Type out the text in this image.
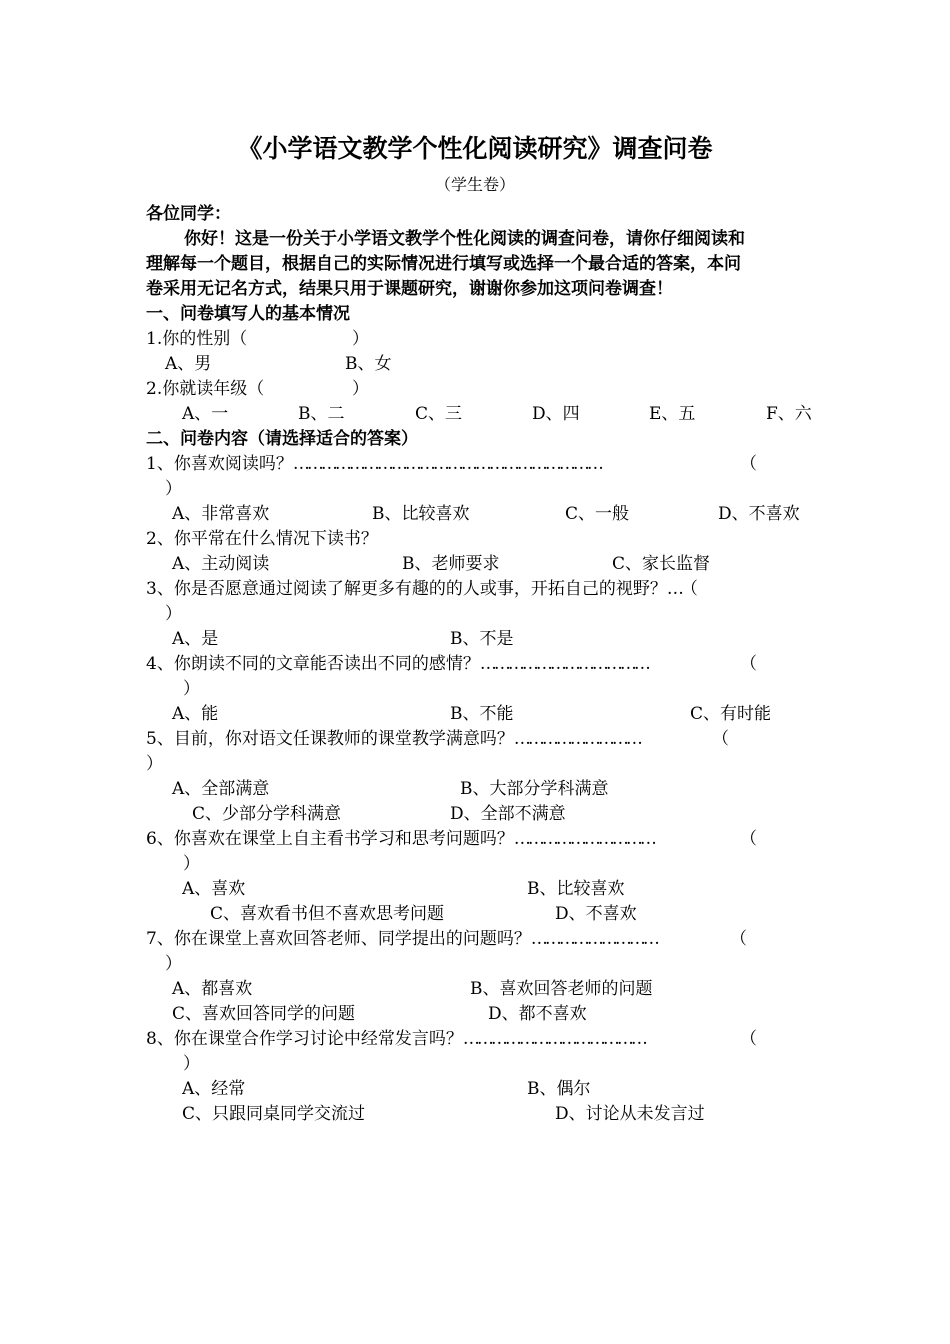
《小学语文教学个性化阅读研究》调查问卷
（学生卷）
各位同学：
你好！这是一份关于小学语文教学个性化阅读的调查问卷，请你仔细阅读和
理解每一个题目，根据自己的实际情况进行填写或选择一个最合适的答案，本问
卷采用无记名方式，结果只用于课题研究，谢谢你参加这项问卷调查！
一、问卷填写人的基本情况
1.你的性别（	）
A、男	B、女
2.你就读年级（	）
A、一	B、二	C、三	D、四	E、五	F、六
二、问卷内容（请选择适合的答案）
1、你喜欢阅读吗？…………………………………………………………	（
）
A、非常喜欢	B、比较喜欢	C、一般	D、不喜欢
2、你平常在什么情况下读书？
A、主动阅读	B、老师要求	C、家长监督
3、你是否愿意通过阅读了解更多有趣的的人或事，开拓自己的视野？…（
）
A、是	B、不是
4、你朗读不同的文章能否读出不同的感情？………………………………	（
）
A、能	B、不能	C、有时能
5、目前，你对语文任课教师的课堂教学满意吗？………………………	（
）
A、全部满意	B、大部分学科满意
C、少部分学科满意	D、全部不满意
6、你喜欢在课堂上自主看书学习和思考问题吗？…………………………	（
）
A、喜欢	B、比较喜欢
C、喜欢看书但不喜欢思考问题	D、不喜欢
7、你在课堂上喜欢回答老师、同学提出的问题吗？………………………	（
）
A、都喜欢	B、喜欢回答老师的问题
C、喜欢回答同学的问题	D、都不喜欢
8、你在课堂合作学习讨论中经常发言吗？…………………………………	（
）
A、经常	B、偶尔
C、只跟同桌同学交流过	D、讨论从未发言过
